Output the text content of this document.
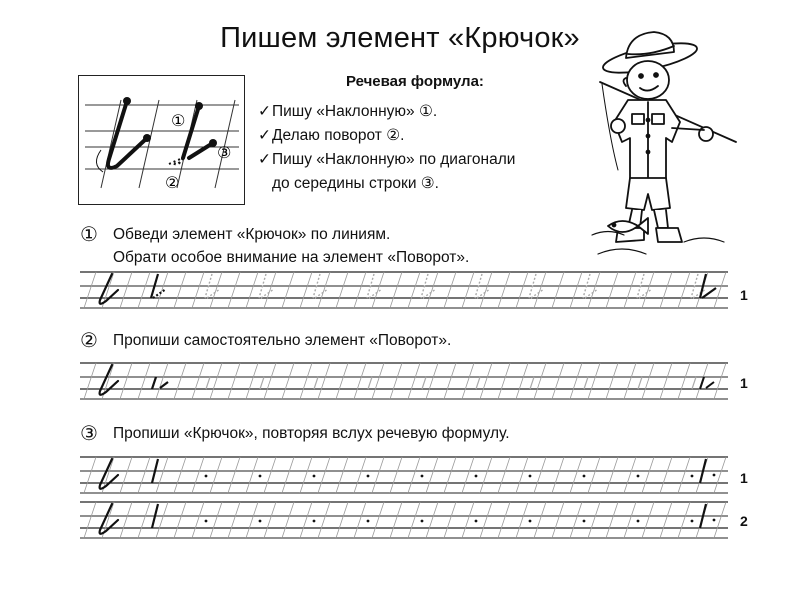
Пишем элемент «Крючок»
①
③
②
Речевая формула:
✓ Пишу «Наклонную» ①.
✓ Делаю поворот ②.
✓ Пишу «Наклонную» по диагонали
до середины строки ③.
① Обведи элемент «Крючок» по линиям.
Обрати особое внимание на элемент «Поворот».
② Пропиши самостоятельно элемент «Поворот».
③ Пропиши «Крючок», повторяя вслух речевую формулу.
1
1
1
2
